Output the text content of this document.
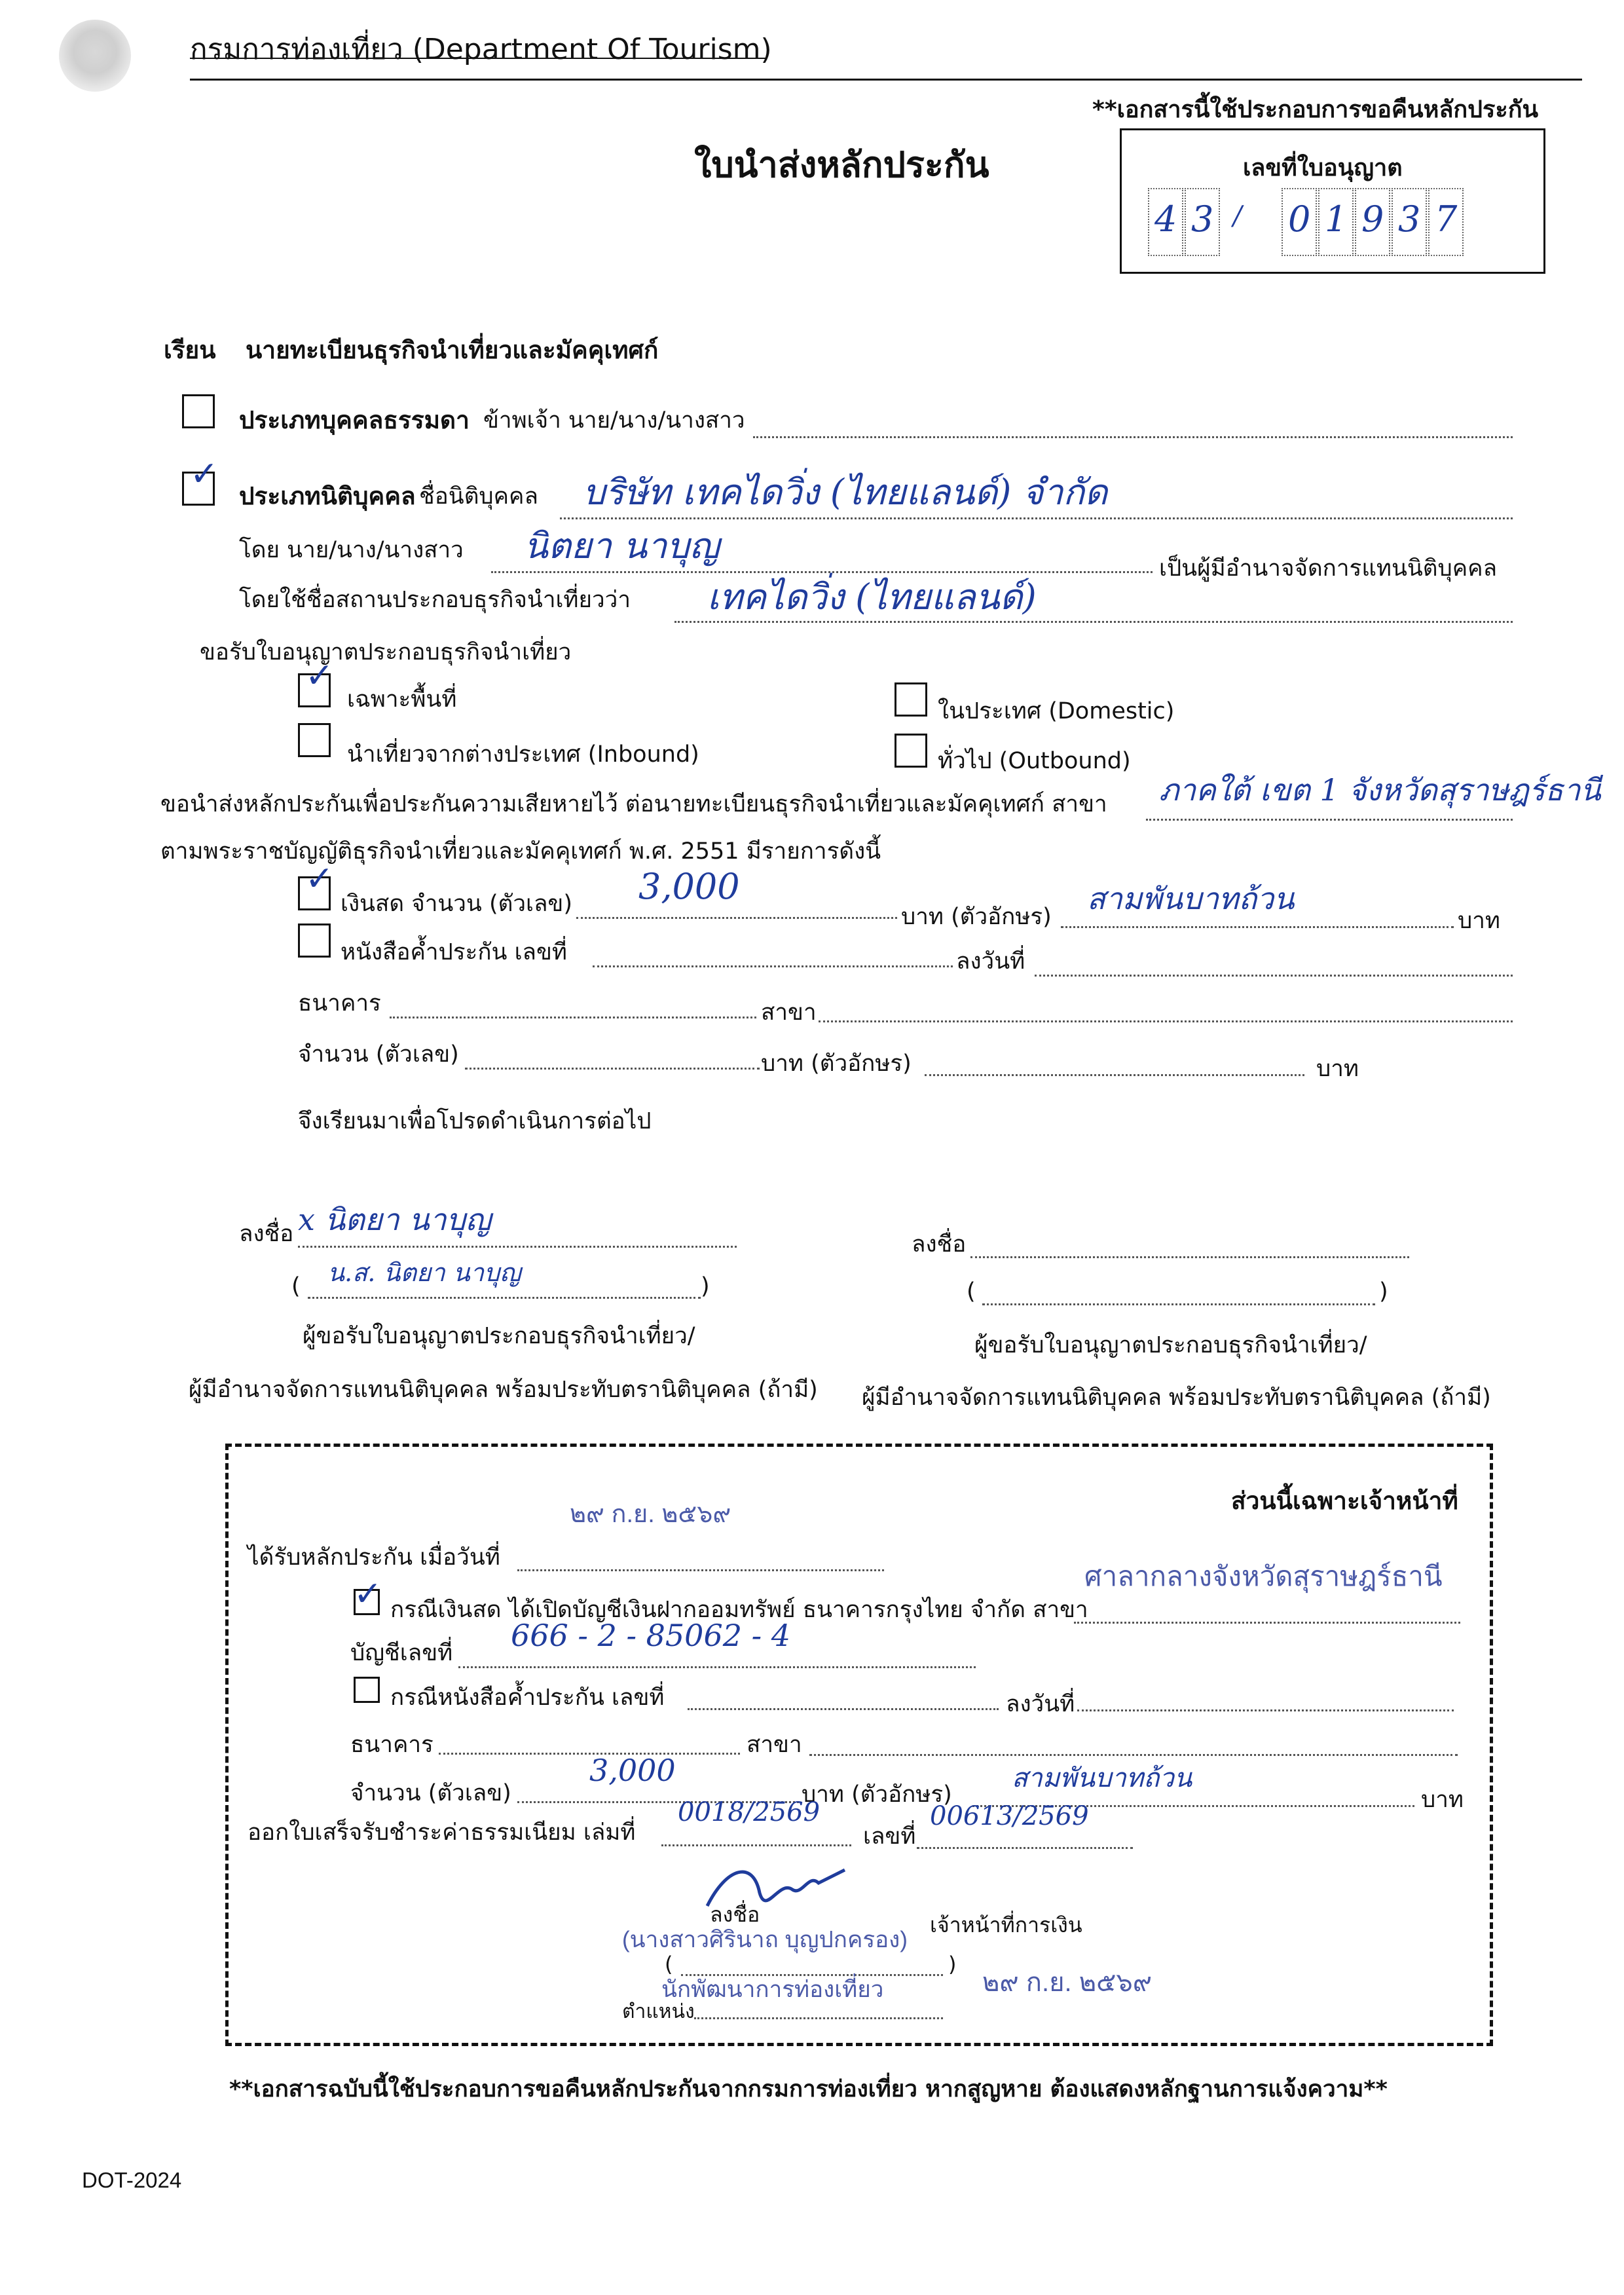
กรมการท่องเที่ยว (Department Of Tourism)
**เอกสารนี้ใช้ประกอบการขอคืนหลักประกัน
ใบนำส่งหลักประกัน	เลขที่ใบอนุญาต
4 3 / 0 1 9 3 7
เรียน นายทะเบียนธุรกิจนำเที่ยวและมัคคุเทศก์
ประเภทบุคคลธรรมดา ข้าพเจ้า นาย/นาง/นางสาว
✓
ประเภทนิติบุคคล ชื่อนิติบุคคล บริษัท เทคไดวิ่ง (ไทยแลนด์) จำกัด
โดย นาย/นาง/นางสาว นิตยา นาบุญ
เป็นผู้มีอำนาจจัดการแทนนิติบุคคล
โดยใช้ชื่อสถานประกอบธุรกิจนำเที่ยวว่า เทคไดวิ่ง (ไทยแลนด์)
ขอรับใบอนุญาตประกอบธุรกิจนำเที่ยว
✓
เฉพาะพื้นที่	ในประเทศ (Domestic)
นำเที่ยวจากต่างประเทศ (Inbound)	ทั่วไป (Outbound)
ขอนำส่งหลักประกันเพื่อประกันความเสียหายไว้ ต่อนายทะเบียนธุรกิจนำเที่ยวและมัคคุเทศก์ สาขา ภาคใต้ เขต 1 จังหวัดสุราษฎร์ธานี
ตามพระราชบัญญัติธุรกิจนำเที่ยวและมัคคุเทศก์ พ.ศ. 2551 มีรายการดังนี้
✓
เงินสด จำนวน (ตัวเลข) 3,000
บาท (ตัวอักษร)
สามพันบาทถ้วน
บาท
หนังสือค้ำประกัน เลขที่	ลงวันที่
ธนาคาร	สาขา
จำนวน (ตัวเลข)	บาท (ตัวอักษร)	บาท
จึงเรียนมาเพื่อโปรดดำเนินการต่อไป
ลงชื่อ x นิตยา นาบุญ
( น.ส. นิตยา นาบุญ	)
ผู้ขอรับใบอนุญาตประกอบธุรกิจนำเที่ยว/
ผู้มีอำนาจจัดการแทนนิติบุคคล พร้อมประทับตรานิติบุคคล (ถ้ามี)
ลงชื่อ
(	)
ผู้ขอรับใบอนุญาตประกอบธุรกิจนำเที่ยว/
ผู้มีอำนาจจัดการแทนนิติบุคคล พร้อมประทับตรานิติบุคคล (ถ้ามี)
ส่วนนี้เฉพาะเจ้าหน้าที่
๒๙ ก.ย. ๒๕๖๙
ได้รับหลักประกัน เมื่อวันที่
✓ กรณีเงินสด ได้เปิดบัญชีเงินฝากออมทรัพย์ ธนาคารกรุงไทย จำกัด สาขา
ศาลากลางจังหวัดสุราษฎร์ธานี
บัญชีเลขที่ 666 - 2 - 85062 - 4
กรณีหนังสือค้ำประกัน เลขที่	ลงวันที่
ธนาคาร	สาขา
จำนวน (ตัวเลข)
3,000
บาท (ตัวอักษร)
สามพันบาทถ้วน
บาท
ออกใบเสร็จรับชำระค่าธรรมเนียม เล่มที่
0018/2569
เลขที่
00613/2569
ลงชื่อ
(นางสาวศิรินาถ บุญปกครอง)
เจ้าหน้าที่การเงิน
(	)
นักพัฒนาการท่องเที่ยว	๒๙ ก.ย. ๒๕๖๙
ตำแหน่ง
**เอกสารฉบับนี้ใช้ประกอบการขอคืนหลักประกันจากกรมการท่องเที่ยว หากสูญหาย ต้องแสดงหลักฐานการแจ้งความ**
DOT-2024
